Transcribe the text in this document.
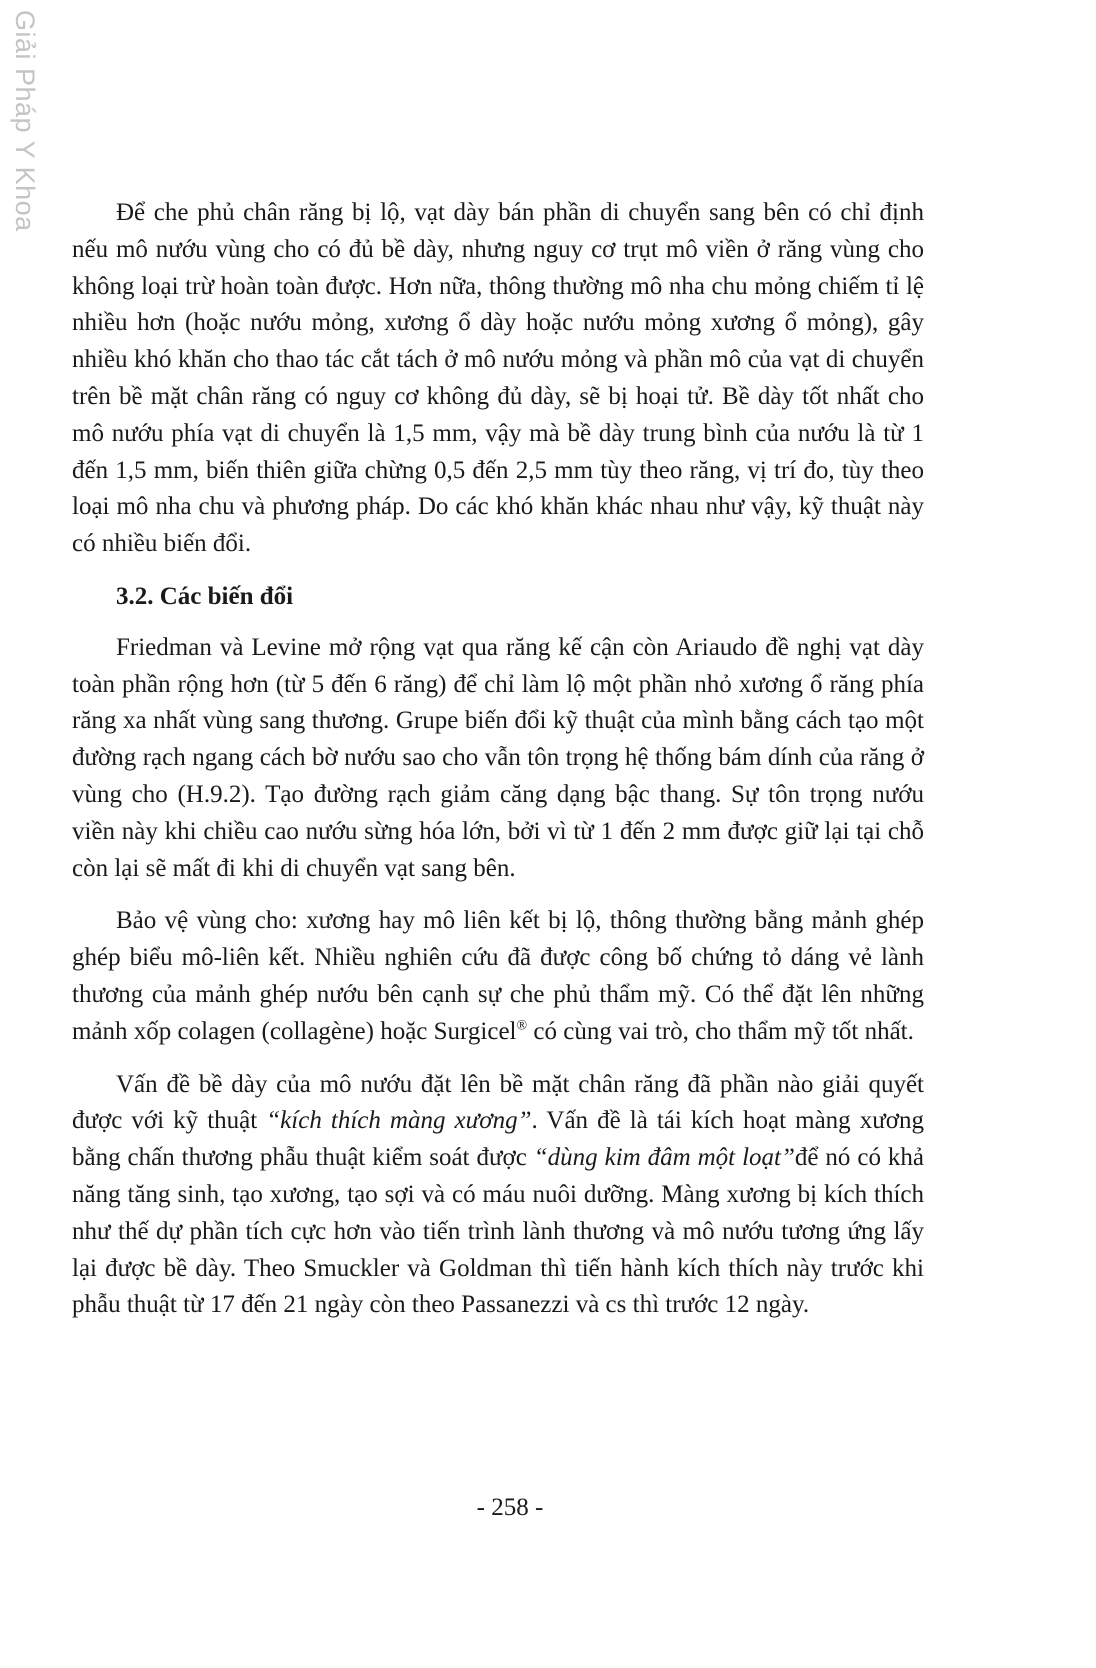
Giải Pháp Y Khoa	Để che phủ chân răng bị lộ, vạt dày bán phần di chuyển sang bên có chỉ định nếu mô nướu vùng cho có đủ bề dày, nhưng nguy cơ trụt mô viền ở răng vùng cho không loại trừ hoàn toàn được. Hơn nữa, thông thường mô nha chu mỏng chiếm tỉ lệ nhiều hơn (hoặc nướu mỏng, xương ổ dày hoặc nướu mỏng xương ổ mỏng), gây nhiều khó khăn cho thao tác cắt tách ở mô nướu mỏng và phần mô của vạt di chuyển trên bề mặt chân răng có nguy cơ không đủ dày, sẽ bị hoại tử. Bề dày tốt nhất cho mô nướu phía vạt di chuyển là 1,5 mm, vậy mà bề dày trung bình của nướu là từ 1 đến 1,5 mm, biến thiên giữa chừng 0,5 đến 2,5 mm tùy theo răng, vị trí đo, tùy theo loại mô nha chu và phương pháp. Do các khó khăn khác nhau như vậy, kỹ thuật này có nhiều biến đổi.

3.2. Các biến đổi

Friedman và Levine mở rộng vạt qua răng kế cận còn Ariaudo đề nghị vạt dày toàn phần rộng hơn (từ 5 đến 6 răng) để chỉ làm lộ một phần nhỏ xương ổ răng phía răng xa nhất vùng sang thương. Grupe biến đổi kỹ thuật của mình bằng cách tạo một đường rạch ngang cách bờ nướu sao cho vẫn tôn trọng hệ thống bám dính của răng ở vùng cho (H.9.2). Tạo đường rạch giảm căng dạng bậc thang. Sự tôn trọng nướu viền này khi chiều cao nướu sừng hóa lớn, bởi vì từ 1 đến 2 mm được giữ lại tại chỗ còn lại sẽ mất đi khi di chuyển vạt sang bên.

Bảo vệ vùng cho: xương hay mô liên kết bị lộ, thông thường bằng mảnh ghép ghép biểu mô-liên kết. Nhiều nghiên cứu đã được công bố chứng tỏ dáng vẻ lành thương của mảnh ghép nướu bên cạnh sự che phủ thẩm mỹ. Có thể đặt lên những mảnh xốp colagen (collagène) hoặc Surgicel® có cùng vai trò, cho thẩm mỹ tốt nhất.

Vấn đề bề dày của mô nướu đặt lên bề mặt chân răng đã phần nào giải quyết được với kỹ thuật “kích thích màng xương”. Vấn đề là tái kích hoạt màng xương bằng chấn thương phẫu thuật kiểm soát được “dùng kim đâm một loạt”để nó có khả năng tăng sinh, tạo xương, tạo sợi và có máu nuôi dưỡng. Màng xương bị kích thích như thế dự phần tích cực hơn vào tiến trình lành thương và mô nướu tương ứng lấy lại được bề dày. Theo Smuckler và Goldman thì tiến hành kích thích này trước khi phẫu thuật từ 17 đến 21 ngày còn theo Passanezzi và cs thì trước 12 ngày.

- 258 -
